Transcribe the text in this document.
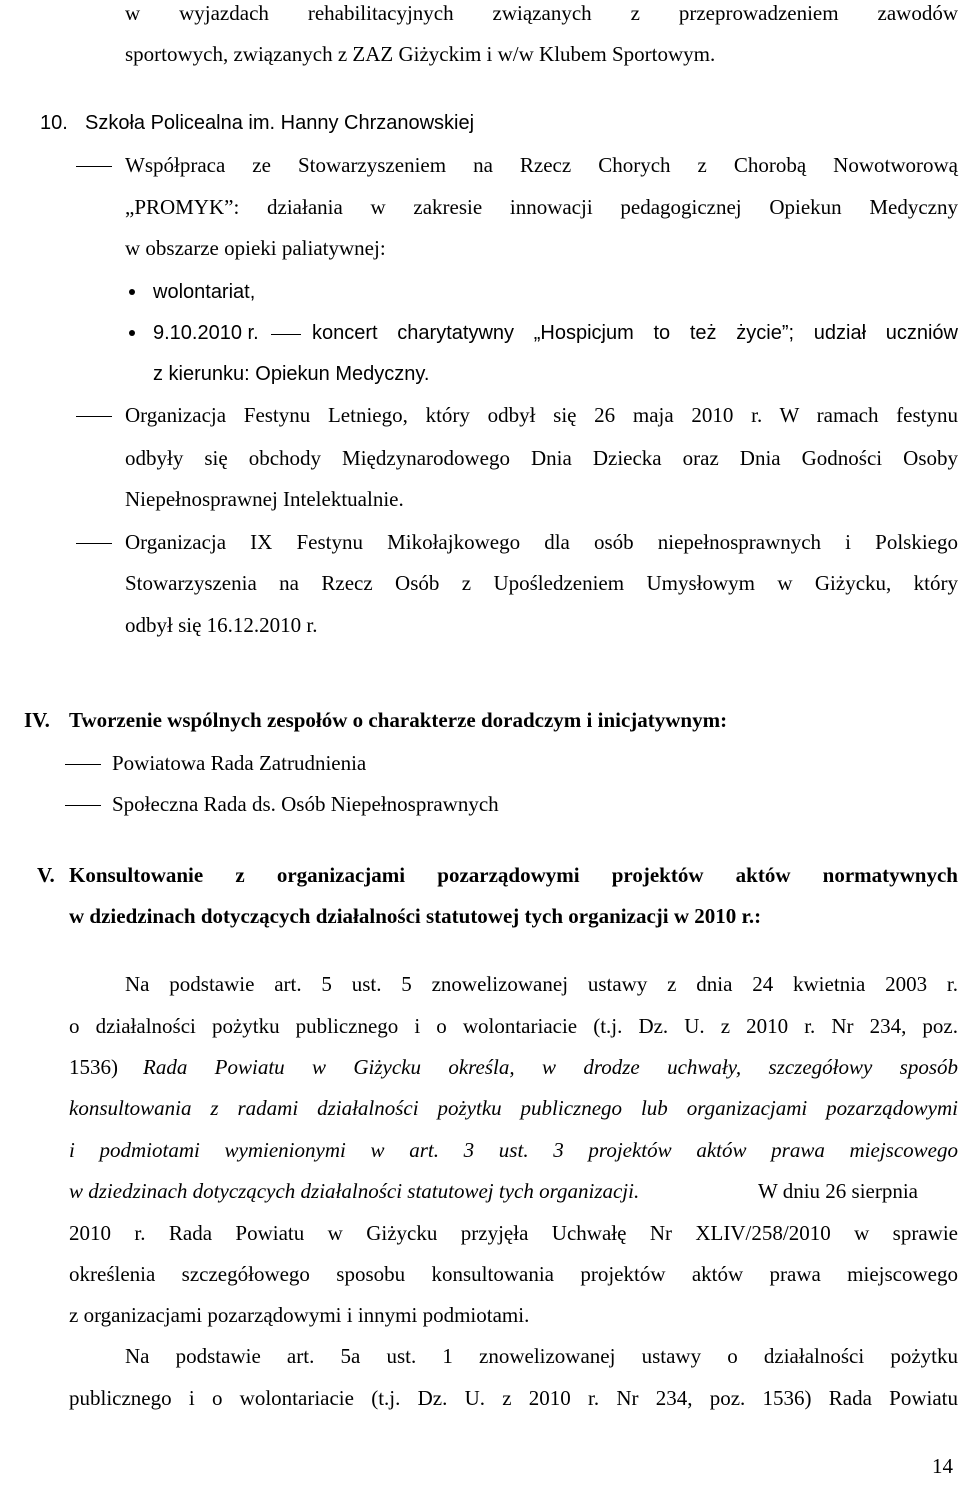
w wyjazdach rehabilitacyjnych związanych z przeprowadzeniem zawodów
sportowych, związanych z ZAZ Giżyckim i w/w Klubem Sportowym.
10. Szkoła Policealna im. Hanny Chrzanowskiej
Współpraca ze Stowarzyszeniem na Rzecz Chorych z Chorobą Nowotworową
„PROMYK”: działania w zakresie innowacji pedagogicznej Opiekun Medyczny
w obszarze opieki paliatywnej:
wolontariat,
9.10.2010 r.	koncert charytatywny „Hospicjum to też życie”; udział uczniów
z kierunku: Opiekun Medyczny.
Organizacja Festynu Letniego, który odbył się 26 maja 2010 r. W ramach festynu
odbyły się obchody Międzynarodowego Dnia Dziecka oraz Dnia Godności Osoby
Niepełnosprawnej Intelektualnie.
Organizacja IX Festynu Mikołajkowego dla osób niepełnosprawnych i Polskiego
Stowarzyszenia na Rzecz Osób z Upośledzeniem Umysłowym w Giżycku, który
odbył się 16.12.2010 r.
IV. Tworzenie wspólnych zespołów o charakterze doradczym i inicjatywnym:
Powiatowa Rada Zatrudnienia
Społeczna Rada ds. Osób Niepełnosprawnych
V. Konsultowanie z organizacjami pozarządowymi projektów aktów normatywnych
w dziedzinach dotyczących działalności statutowej tych organizacji w 2010 r.:
Na podstawie art. 5 ust. 5 znowelizowanej ustawy z dnia 24 kwietnia 2003 r.
o działalności pożytku publicznego i o wolontariacie (t.j. Dz. U. z 2010 r. Nr 234, poz.
1536) Rada Powiatu w Giżycku określa, w drodze uchwały, szczegółowy sposób
konsultowania z radami działalności pożytku publicznego lub organizacjami pozarządowymi
i podmiotami wymienionymi w art. 3 ust. 3 projektów aktów prawa miejscowego
w dziedzinach dotyczących działalności statutowej tych organizacji.	W dniu 26 sierpnia
2010 r. Rada Powiatu w Giżycku przyjęła Uchwałę Nr XLIV/258/2010 w sprawie
określenia szczegółowego sposobu konsultowania projektów aktów prawa miejscowego
z organizacjami pozarządowymi i innymi podmiotami.
Na podstawie art. 5a ust. 1 znowelizowanej ustawy o działalności pożytku
publicznego i o wolontariacie (t.j. Dz. U. z 2010 r. Nr 234, poz. 1536) Rada Powiatu
14
